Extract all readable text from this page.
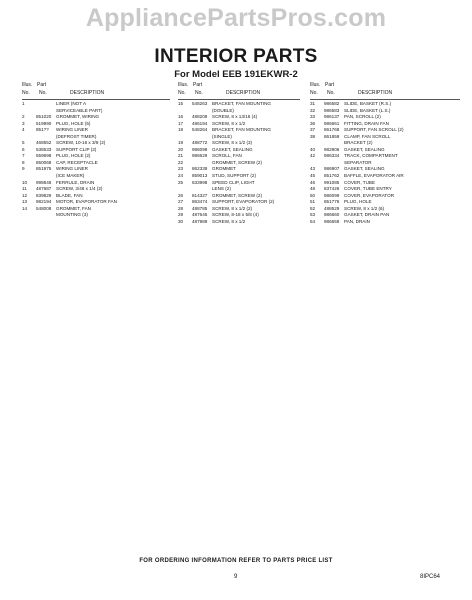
AppliancePartsPros.com
INTERIOR PARTS
For Model EEB 191EKWR-2
Illus. Part
No. No.	DESCRIPTION
1	LINER (NOT A
SERVICEABLE PART)
2	851020	GROMMET, WIRING
3	519990	PLUG, HOLE (5)
4	851??	WIRING LINER
(DEFROST TIMER)
5	468552	SCREW, 10-16 x 3/8 (2)
6	538533	SUPPORT CLIP (2)
7	659698	PLUG, HOLE (2)
8	850068	CAP, RECEPTACLE
9	851975	WIRING LINER
(ICE MAKER)
10	998846	FERRULE, DRAIN
11	487687	SCREW, 3/46 x 1/4 (2)
12	839829	BLADE, FAN
13	982194	MOTOR, EVAPORATOR FAN
14	548008	GROMMET, FAN
MOUNTING (3)
Illus. Part
No. No.	DESCRIPTION
15	548263	BRACKET, FAN MOUNTING
(DOUBLE)
16	488208	SCREW, 8 x 13/16 (4)
17	486194	SCREW, 8 x 1/2
18	548264	BRACKET, FAN MOUNTING
(SINGLE)
19	488772	SCREW, 8 x 1/2 (3)
20	986098	GASKET, SEALING
21	986629	SCROLL, FAN
22	GROMMET, SCREW (2)
23	862339	GROMMET
24	859013	STUD, SUPPORT (2)
25	633998	SPEED CLIP, LIGHT
LENS (2)
26	814327	GROMMET, SCREW (2)
27	863474	SUPPORT, EVAPORATOR (2)
28	488785	SCREW, 8 x 1/2 (2)
29	487645	SCREW, 8-18 x 5/8 (4)
30	487989	SCREW, 8 x 1/2
Illus. Part
No. No.	DESCRIPTION
31	986582	SLIDE, BASKET (R.S.)
32	986583	SLIDE, BASKET (L.S.)
33	986137	PAN, SCROLL (2)
36	986661	FITTING, DRAIN FAN
37	861768	SUPPORT, FAN SCROLL (2)
38	861859	CLAMP, FAN SCROLL
BRACKET (2)
40	982906	GASKET, SEALING
42	986334	TRACK, COMPARTMENT
SEPARATOR
43	986907	GASKET, SEALING
45	851762	BAFFLE, EVAPORATOR AIR
46	991085	COVER, TUBE
48	837426	COVER, TUBE ENTRY
50	986099	COVER, EVAPORATOR
51	851776	PLUG, HOLE
52	488529	SCREW, 8 x 1/2 (6)
53	986660	GASKET, DRAIN PAN
54	986659	PAN, DRAIN
FOR ORDERING INFORMATION REFER TO PARTS PRICE LIST
9	8IPC64
